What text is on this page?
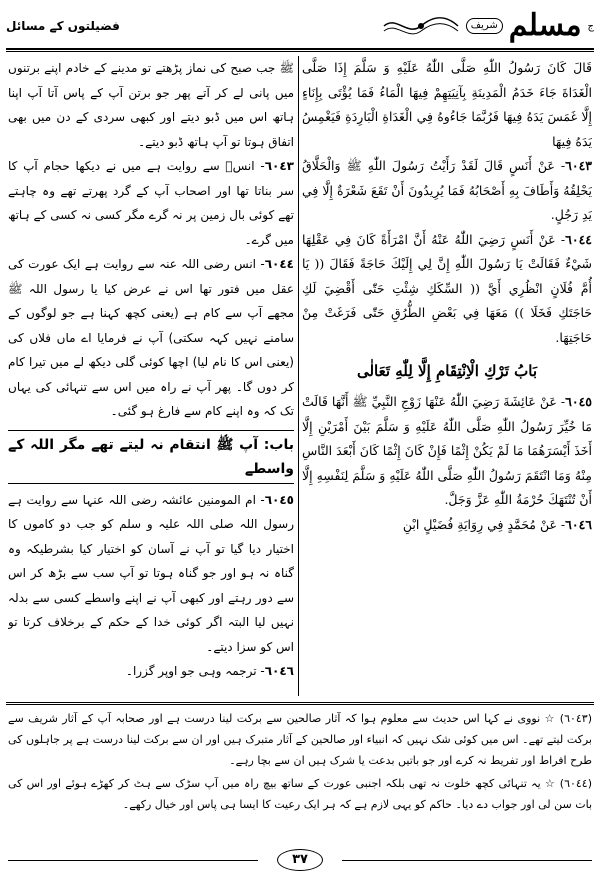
ج
مسلم
شریف
فضیلتوں کے مسائل

قَالَ كَانَ رَسُولُ اللّٰهِ صَلَّى اللّٰهُ عَلَيْهِ وَ سَلَّمَ إِذَا صَلَّى الْغَدَاةَ جَاءَ خَدَمُ الْمَدِينَةِ بِآنِيَتِهِمْ فِيهَا الْمَاءُ فَمَا يُؤْتَى بِإِنَاءٍ إِلَّا غَمَسَ يَدَهُ فِيهَا فَرُبَّمَا جَاءُوهُ فِي الْغَدَاةِ الْبَارِدَةِ فَيَغْمِسُ يَدَهُ فِيهَا

٦٠٤٣- عَنْ أَنَسٍ قَالَ لَقَدْ رَأَيْتُ رَسُولَ اللّٰهِ ﷺ وَالْحَلَّاقُ يَحْلِقُهُ وَأَطَافَ بِهِ أَصْحَابُهُ فَمَا يُرِيدُونَ أَنْ تَقَعَ شَعْرَةٌ إِلَّا فِي يَدِ رَجُلٍ.

٦٠٤٤- عَنْ أَنَسٍ رَضِيَ اللّٰهُ عَنْهُ أَنَّ امْرَأَةً كَانَ فِي عَقْلِهَا شَيْءٌ فَقَالَتْ يَا رَسُولَ اللّٰهِ إِنَّ لِي إِلَيْكَ حَاجَةً فَقَالَ (( يَا أُمَّ فُلَانٍ انْظُرِي أَيَّ (( السِّكَكِ شِئْتِ حَتّٰى أَقْضِيَ لَكِ حَاجَتَكِ فَخَلَا )) مَعَهَا فِي بَعْضِ الطُّرُقِ حَتّٰى فَرَغَتْ مِنْ حَاجَتِهَا.

بَابُ تَرْكِ الْاِنْتِقَامِ إِلَّا لِلّٰهِ تَعَالٰى

٦٠٤٥- عَنْ عَائِشَةَ رَضِيَ اللّٰهُ عَنْهَا زَوْجِ النَّبِيِّ ﷺ أَنَّهَا قَالَتْ مَا خُيِّرَ رَسُولُ اللّٰهِ صَلَّى اللّٰهُ عَلَيْهِ وَ سَلَّمَ بَيْنَ أَمْرَيْنِ إِلَّا أَخَذَ أَيْسَرَهُمَا مَا لَمْ يَكُنْ إِثْمًا فَإِنْ كَانَ إِثْمًا كَانَ أَبْعَدَ النَّاسِ مِنْهُ وَمَا انْتَقَمَ رَسُولُ اللّٰهِ صَلَّى اللّٰهُ عَلَيْهِ وَ سَلَّمَ لِنَفْسِهِ إِلَّا أَنْ تُنْتَهَكَ حُرْمَةُ اللّٰهِ عَزَّ وَجَلَّ.

٦٠٤٦- عَنْ مُحَمَّدٍ فِي رِوَايَةِ فُضَيْلٍ ابْنِ

ﷺ جب صبح کی نماز پڑھتے تو مدینے کے خادم اپنے برتنوں میں پانی لے کر آتے پھر جو برتن آپ کے پاس آتا آپ اپنا ہاتھ اس میں ڈبو دیتے اور کبھی سردی کے دن میں بھی اتفاق ہوتا تو آپ ہاتھ ڈبو دیتے۔

٦٠٤٣- انسؓ سے روایت ہے میں نے دیکھا حجام آپ کا سر بناتا تھا اور اصحاب آپ کے گرد پھرتے تھے وہ چاہتے تھے کوئی بال زمین پر نہ گرے مگر کسی نہ کسی کے ہاتھ میں گرے۔

٦٠٤٤- انس رضی اللہ عنہ سے روایت ہے ایک عورت کی عقل میں فتور تھا اس نے عرض کیا یا رسول اللہ ﷺ مجھے آپ سے کام ہے (یعنی کچھ کہنا ہے جو لوگوں کے سامنے نہیں کہہ سکتی) آپ نے فرمایا اے ماں فلاں کی (یعنی اس کا نام لیا) اچھا کوئی گلی دیکھ لے میں تیرا کام کر دوں گا۔ پھر آپ نے راہ میں اس سے تنہائی کی یہاں تک کہ وہ اپنے کام سے فارغ ہو گئی۔

باب: آپ ﷺ انتقام نہ لیتے تھے مگر اللہ کے واسطے

٦٠٤٥- ام المومنین عائشہ رضی اللہ عنہا سے روایت ہے رسول اللہ صلی اللہ علیہ و سلم کو جب دو کاموں کا اختیار دیا گیا تو آپ نے آسان کو اختیار کیا بشرطیکہ وہ گناہ نہ ہو اور جو گناہ ہوتا تو آپ سب سے بڑھ کر اس سے دور رہتے اور کبھی آپ نے اپنے واسطے کسی سے بدلہ نہیں لیا البتہ اگر کوئی خدا کے حکم کے برخلاف کرتا تو اس کو سزا دیتے۔

٦٠٤٦- ترجمہ وہی جو اوپر گزرا۔

(٦٠٤٣) ☆ نووی نے کہا اس حدیث سے معلوم ہوا کہ آثار صالحین سے برکت لینا درست ہے اور صحابہ آپ کے آثار شریف سے برکت لیتے تھے۔ اس میں کوئی شک نہیں کہ انبیاء اور صالحین کے آثار متبرک ہیں اور ان سے برکت لینا درست ہے پر جاہلوں کی طرح افراط اور تفریط نہ کرے اور جو باتیں بدعت یا شرک ہیں ان سے بچا رہے۔

(٦٠٤٤) ☆ یہ تنہائی کچھ خلوت نہ تھی بلکہ اجنبی عورت کے ساتھ بیچ راہ میں آپ سڑک سے ہٹ کر کھڑے ہوئے اور اس کی بات سن لی اور جواب دے دیا۔ حاکم کو یہی لازم ہے کہ ہر ایک رعیت کا ایسا ہی پاس اور خیال رکھے۔

٣٧
